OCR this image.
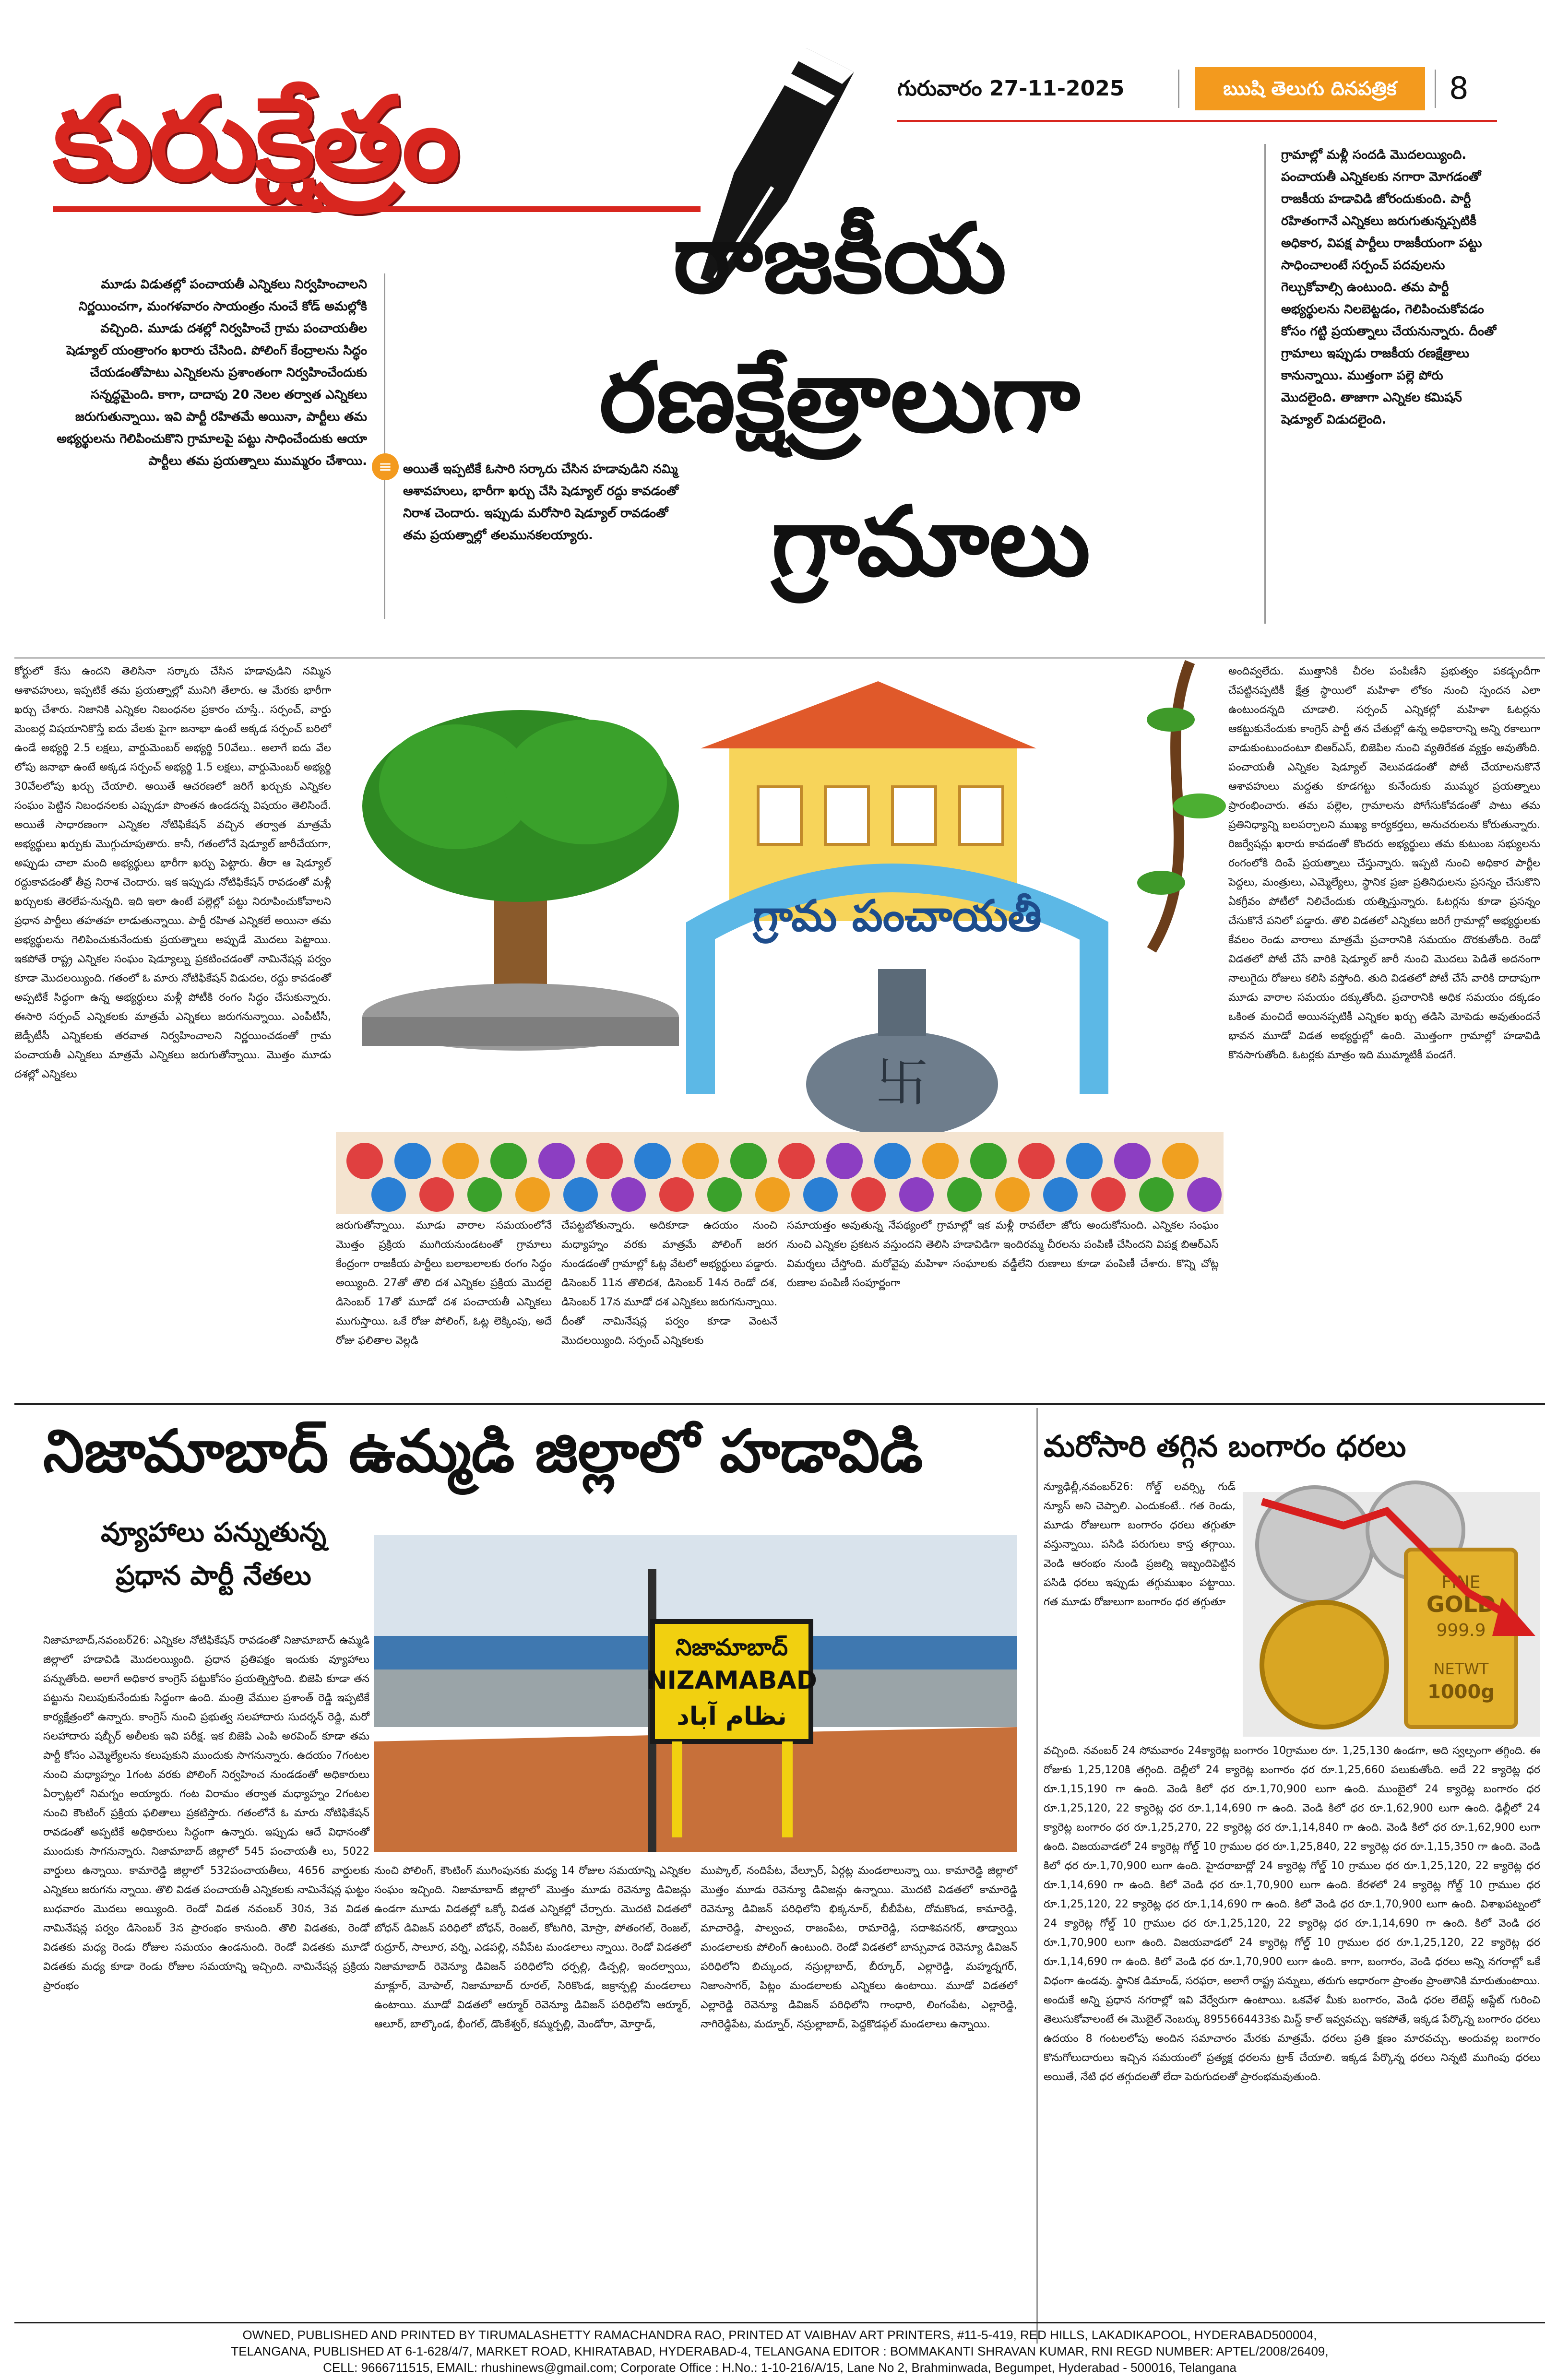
కురుక్షేత్రం	గురువారం 27-11-2025	ఋషి తెలుగు దినపత్రిక	8
రాజకీయ
రణక్షేత్రాలుగా
గ్రామాలు
మూడు విడుతల్లో పంచాయతీ ఎన్నికలు నిర్వహించాలని నిర్ణయించగా, మంగళవారం సాయంత్రం నుంచే కోడ్ అమల్లోకి వచ్చింది. మూడు దశల్లో నిర్వహించే గ్రామ పంచాయతీల షెడ్యూల్ యంత్రాంగం ఖరారు చేసింది. పోలింగ్ కేంద్రాలను సిద్ధం చేయడంతోపాటు ఎన్నికలను ప్రశాంతంగా నిర్వహించేందుకు సన్నద్ధమైంది. కాగా, దాదాపు 20 నెలల తర్వాత ఎన్నికలు జరుగుతున్నాయి. ఇవి పార్టీ రహితమే అయినా, పార్టీలు తమ అభ్యర్థులను గెలిపించుకొని గ్రామాలపై పట్టు సాధించేందుకు ఆయా పార్టీలు తమ ప్రయత్నాలు ముమ్మరం చేశాయి. ≡ అయితే ఇప్పటికే ఓసారి సర్కారు చేసిన హడావుడిని నమ్మి ఆశావహులు, భారీగా ఖర్చు చేసి షెడ్యూల్ రద్దు కావడంతో నిరాశ చెందారు. ఇప్పుడు మరోసారి షెడ్యూల్ రావడంతో తమ ప్రయత్నాల్లో తలమునకలయ్యారు.
గ్రామాల్లో మళ్లీ సందడి మొదలయ్యింది. పంచాయతీ ఎన్నికలకు నగారా మోగడంతో రాజకీయ హడావిడి జోరందుకుంది. పార్టీ రహితంగానే ఎన్నికలు జరుగుతున్నప్పటికీ అధికార, విపక్ష పార్టీలు రాజకీయంగా పట్టు సాధించాలంటే సర్పంచ్ పదవులను గెల్చుకోవాల్సి ఉంటుంది. తమ పార్టీ అభ్యర్థులను నిలబెట్టడం, గెలిపించుకోవడం కోసం గట్టి ప్రయత్నాలు చేయనున్నారు. దీంతో గ్రామాలు ఇప్పుడు రాజకీయ రణక్షేత్రాలు కానున్నాయి. ముత్తంగా పల్లె పోరు మొదలైంది. తాజాగా ఎన్నికల కమిషన్ షెడ్యూల్ విడుదలైంది.
కోర్టులో కేసు ఉందని తెలిసినా సర్కారు చేసిన హడావుడిని నమ్మిన ఆశావహులు, ఇప్పటికే తమ ప్రయత్నాల్లో మునిగి తేలారు. ఆ మేరకు భారీగా ఖర్చు చేశారు. నిజానికి ఎన్నికల నిబంధనల ప్రకారం చూస్తే.. సర్పంచ్, వార్డు మెంబర్ల విషయానికొస్తే ఐదు వేలకు పైగా జనాభా ఉంటే అక్కడ సర్పంచ్ బరిలో ఉండే అభ్యర్థి 2.5 లక్షలు, వార్డుమెంబర్ అభ్యర్థి 50వేలు.. అలాగే ఐదు వేల లోపు జనాభా ఉంటే అక్కడ సర్పంచ్ అభ్యర్థి 1.5 లక్షలు, వార్డుమెంబర్ అభ్యర్థి 30వేలలోపు ఖర్చు చేయాలి. అయితే ఆచరణలో జరిగే ఖర్చుకు ఎన్నికల సంఘం పెట్టిన నిబంధనలకు ఎప్పుడూ పొంతన ఉండదన్న విషయం తెలిసిందే. అయితే సాధారణంగా ఎన్నికల నోటిఫికేషన్ వచ్చిన తర్వాత మాత్రమే అభ్యర్థులు ఖర్చుకు మొగ్గుచూపుతారు. కానీ, గతంలోనే షెడ్యూల్ జారీచేయగా, అప్పుడు చాలా మంది అభ్యర్థులు భారీగా ఖర్చు పెట్టారు. తీరా ఆ షెడ్యూల్ రద్దుకావడంతో తీవ్ర నిరాశ చెందారు. ఇక ఇప్పుడు నోటిఫికేషన్ రావడంతో మళ్లీ ఖర్చులకు తెరలేప-నున్నది. ఇది ఇలా ఉంటే పల్లెల్లో పట్టు నిరూపించుకోవాలని ప్రధాన పార్టీలు తహతహ లాడుతున్నాయి. పార్టీ రహిత ఎన్నికలే అయినా తమ అభ్యర్థులను గెలిపించుకునేందుకు ప్రయత్నాలు అప్పుడే మొదలు పెట్టాయి. ఇకపోతే రాష్ట్ర ఎన్నికల సంఘం షెడ్యూల్ను ప్రకటించడంతో నామినేషన్ల పర్వం కూడా మొదలయ్యింది. గతంలో ఓ మారు నోటిఫికేషన్ విడుదల, రద్దు కావడంతో అప్పటికే సిద్ధంగా ఉన్న అభ్యర్థులు మళ్లీ పోటీకి రంగం సిద్ధం చేసుకున్నారు. ఈసారి సర్పంచ్ ఎన్నికలకు మాత్రమే ఎన్నికలు జరుగనున్నాయి. ఎంపీటీసీ, జెడ్పీటీసీ ఎన్నికలకు తరవాత నిర్వహించాలని నిర్ణయించడంతో గ్రామ పంచాయతీ ఎన్నికలు మాత్రమే ఎన్నికలు జరుగుతోన్నాయి. మొత్తం మూడు దశల్లో ఎన్నికలు
అందివ్వలేదు. ముత్తానికి చీరల పంపిణీని ప్రభుత్వం పకడ్బందీగా చేపట్టినప్పటికీ క్షేత్ర స్థాయిలో మహిళా లోకం నుంచి స్పందన ఎలా ఉంటుందన్నది చూడాలి. సర్పంచ్ ఎన్నికల్లో మహిళా ఓటర్లను ఆకట్టుకునేందుకు కాంగ్రెస్ పార్టీ తన చేతుల్లో ఉన్న అధికారాన్ని అన్ని రకాలుగా వాడుకుంటుందంటూ బిఆర్ఎస్, బిజెపిల నుంచి వ్యతిరేకత వ్యక్తం అవుతోంది. పంచాయతీ ఎన్నికల షెడ్యూల్ వెలువడడంతో పోటీ చేయాలనుకొనే ఆశావహులు మద్దతు కూడగట్టు కునేందుకు ముమ్మర ప్రయత్నాలు ప్రారంభించారు. తమ పల్లెల, గ్రామాలను పోగేసుకోవడంతో పాటు తమ ప్రతినిధ్యాన్ని బలపర్చాలని ముఖ్య కార్యకర్తలు, అనుచరులను కోరుతున్నారు. రిజర్వేషన్లు ఖరారు కావడంతో కొందరు అభ్యర్థులు తమ కుటుంబ సభ్యులను రంగంలోకి దింపే ప్రయత్నాలు చేస్తున్నారు. ఇప్పటి నుంచి అధికార పార్టీల పెద్దలు, మంత్రులు, ఎమ్మెల్యేలు, స్థానిక ప్రజా ప్రతినిధులను ప్రసన్నం చేసుకొని ఏకగ్రీవం పోటీలో నిలిచేందుకు యత్నిస్తున్నారు. ఓటర్లను కూడా ప్రసన్నం చేసుకొనే పనిలో పడ్డారు. తొలి విడతలో ఎన్నికలు జరిగే గ్రామాల్లో అభ్యర్థులకు కేవలం రెండు వారాలు మాత్రమే ప్రచారానికి సమయం దొరకుతోంది. రెండో విడతలో పోటీ చేసే వారికి షెడ్యూల్ జారీ నుంచి మొదలు పెడితే అదనంగా నాలుగైదు రోజులు కలిసి వస్తోంది. తుది విడతలో పోటీ చేసే వారికి దాదాపుగా మూడు వారాల సమయం దక్కుతోంది. ప్రచారానికి అధిక సమయం దక్కడం ఒకింత మంచిదే అయినప్పటికీ ఎన్నికల ఖర్చు తడిసి మోపెడు అవుతుందనే భావన మూడో విడత అభ్యర్థుల్లో ఉంది. మొత్తంగా గ్రామాల్లో హడావిడి కొనసాగుతోంది. ఓటర్లకు మాత్రం ఇది ముమ్మాటికీ పండగే.
గ్రామ పంచాయతీ
卐
జరుగుతోన్నాయి. మూడు వారాల సమయంలోనే మొత్తం ప్రక్రియ ముగియనుండటంతో గ్రామాలు కేంద్రంగా రాజకీయ పార్టీలు బలాబలాలకు రంగం సిద్ధం అయ్యింది. 27తో తొలి దశ ఎన్నికల ప్రక్రియ మొదలై డిసెంబర్ 17తో మూడో దశ పంచాయతీ ఎన్నికలు ముగుస్తాయి. ఒకే రోజు పోలింగ్, ఓట్ల లెక్కింపు, అదే రోజు ఫలితాల వెల్లడి
చేపట్టబోతున్నారు. అదికూడా ఉదయం నుంచి మధ్యాహ్నం వరకు మాత్రమే పోలింగ్ జరగ నుండడంతో గ్రామాల్లో ఓట్ల వేటలో అభ్యర్థులు పడ్డారు. డిసెంబర్ 11న తొలిదశ, డిసెంబర్ 14న రెండో దశ, డిసెంబర్ 17న మూడో దశ ఎన్నికలు జరుగనున్నాయి. దీంతో నామినేషన్ల పర్వం కూడా వెంటనే మొదలయ్యింది. సర్పంచ్ ఎన్నికలకు
సమాయత్తం అవుతున్న నేపథ్యంలో గ్రామాల్లో ఇక మళ్లీ రావటేలా జోరు అందుకోనుంది. ఎన్నికల సంఘం నుంచి ఎన్నికల ప్రకటన వస్తుందని తెలిసి హడావిడిగా ఇందిరమ్మ చీరలను పంపిణీ చేసిందని విపక్ష బిఆర్ఎస్ విమర్శలు చేస్తోంది. మరోవైపు మహిళా సంఘాలకు వడ్డీలేని రుణాలు కూడా పంపిణీ చేశారు. కొన్ని చోట్ల రుణాల పంపిణీ సంపూర్ణంగా
నిజామాబాద్ ఉమ్మడి జిల్లాలో హడావిడి
వ్యూహాలు పన్నుతున్న
ప్రధాన పార్టీ నేతలు
నిజామాబాద్,నవంబర్26: ఎన్నికల నోటిఫికేషన్ రావడంతో నిజామాబాద్ ఉమ్మడి జిల్లాలో హడావిడి మొదలయ్యింది. ప్రధాన ప్రతిపక్షం ఇందుకు వ్యూహాలు పన్నుతోంది. అలాగే అధికార కాంగ్రెస్ పట్టుకోసం ప్రయత్నిస్తోంది. బిజెపి కూడా తన పట్టును నిలుపుకునేందుకు సిద్ధంగా ఉంది. మంత్రి వేముల ప్రశాంత్ రెడ్డి ఇప్పటికే కార్యక్షేత్రంలో ఉన్నారు. కాంగ్రెస్ నుంచి ప్రభుత్వ సలహాదారు సుదర్శన్ రెడ్డి, మరో సలహాదారు షబ్బీర్ అలీలకు ఇవి పరీక్ష. ఇక బిజెపి ఎంపి అరవింద్ కూడా తమ పార్టీ కోసం ఎమ్మెల్యేలను కలుపుకుని ముందుకు సాగనున్నారు. ఉదయం 7గంటల నుంచి మధ్యాహ్నం 1గంట వరకు పోలింగ్ నిర్వహించ నుండడంతో అధికారులు ఏర్పాట్లలో నిమగ్నం అయ్యారు. గంట విరామం తర్వాత మధ్యాహ్నం 2గంటల నుంచి కౌంటింగ్ ప్రక్రియ ఫలితాలు ప్రకటిస్తారు. గతంలోనే ఓ మారు నోటిఫికేషన్ రావడంతో అప్పటికే అధికారులు సిద్ధంగా ఉన్నారు. ఇప్పుడు ఆదే విధానంతో ముందుకు సాగనున్నారు. నిజామాబాద్ జిల్లాలో 545 పంచాయతీ లు, 5022 వార్డులు ఉన్నాయి. కామారెడ్డి జిల్లాలో 532పంచాయతీలు, 4656 వార్డులకు ఎన్నికలు జరుగను న్నాయి. తొలి విడత పంచాయతీ ఎన్నికలకు నామినేషన్ల ఘట్టం బుధవారం మొదలు అయ్యింది. రెండో విడత నవంబర్ 30న, 3వ విడత నామినేషన్ల పర్వం డిసెంబర్ 3న ప్రారంభం కానుంది. తొలి విడతకు, రెండో విడతకు మధ్య రెండు రోజుల సమయం ఉండనుంది. రెండో విడతకు మూడో విడతకు మధ్య కూడా రెండు రోజుల సమయాన్ని ఇచ్చింది. నామినేషన్ల ప్రక్రియ ప్రారంభం
నిజామాబాద్
NIZAMABAD
نظام آباد
నుంచి పోలింగ్, కౌంటింగ్ ముగింపునకు మధ్య 14 రోజుల సమయాన్ని ఎన్నికల సంఘం ఇచ్చింది. నిజామాబాద్ జిల్లాలో మొత్తం మూడు రెవెన్యూ డివిజన్లు ఉండగా మూడు విడతల్లో ఒక్కో విడత ఎన్నికల్లో చేర్చారు. మొదటి విడతలో బోధన్ డివిజన్ పరిధిలో బోధన్, రెంజల్, కోటగిరి, మోస్రా, పోతంగల్, రెంజల్, రుద్రూర్, సాలూర, వర్ని, ఎడపల్లి, నవీపేట మండలాలు న్నాయి. రెండో విడతలో నిజామాబాద్ రెవెన్యూ డివిజన్ పరిధిలోని ధర్పల్లి, డిచ్పల్లి, ఇందల్వాయి, మాక్లూర్, మోపాల్, నిజామాబాద్ రూరల్, సిరికొండ, జక్రాన్పల్లి మండలాలు ఉంటాయి. మూడో విడతలో ఆర్మూర్ రెవెన్యూ డివిజన్ పరిధిలోని ఆర్మూర్, ఆలూర్, బాల్కొండ, భీంగల్, డొంకేశ్వర్, కమ్మర్పల్లి, మెండోరా, మోర్తాడ్,
ముప్కాల్, నందిపేట, వేల్పూర్, ఏర్గట్ల మండలాలున్నా యి. కామారెడ్డి జిల్లాలో మొత్తం మూడు రెవెన్యూ డివిజన్లు ఉన్నాయి. మొదటి విడతలో కామారెడ్డి రెవెన్యూ డివిజన్ పరిధిలోని భిక్కనూర్, బీబీపేట, దోమకొండ, కామారెడ్డి, మాచారెడ్డి, పాల్వంచ, రాజంపేట, రామారెడ్డి, సదాశివనగర్, తాడ్వాయి మండలాలకు పోలింగ్ ఉంటుంది. రెండో విడతలో బాన్సువాడ రెవెన్యూ డివిజన్ పరిధిలోని బిచ్కుంద, నస్రుల్లాబాద్, బీర్కూర్, ఎల్లారెడ్డి, మహ్మద్నగర్, నిజాంసాగర్, పిట్లం మండలాలకు ఎన్నికలు ఉంటాయి. మూడో విడతలో ఎల్లారెడ్డి రెవెన్యూ డివిజన్ పరిధిలోని గాంధారి, లింగంపేట, ఎల్లారెడ్డి, నాగిరెడ్డిపేట, మద్నూర్, నస్రుల్లాబాద్, పెద్దకొడప్గల్ మండలాలు ఉన్నాయి.
మరోసారి తగ్గిన బంగారం ధరలు
న్యూఢిల్లీ,నవంబర్26: గోల్డ్ లవర్స్కి గుడ్ న్యూస్ అని చెప్పాలి. ఎందుకంటే.. గత రెండు, మూడు రోజులుగా బంగారం ధరలు తగ్గుతూ వస్తున్నాయి. పసిడి పరుగులు కాస్త తగ్గాయి. వెండి ఆరంభం నుండి ప్రజల్ని ఇబ్బందిపెట్టిన పసిడి ధరలు ఇప్పుడు తగ్గుముఖం పట్టాయి. గత మూడు రోజులుగా బంగారం ధర తగ్గుతూ
FINE
GOLD
999.9
NETWT
1000g
వచ్చింది. నవంబర్ 24 సోమవారం 24క్యారెట్ల బంగారం 10గ్రాముల రూ. 1,25,130 ఉండగా, అది స్వల్పంగా తగ్గింది. ఈ రోజుకు 1,25,120కి తగ్గింది. దెల్లీలో 24 క్యారెట్ల బంగారం ధర రూ.1,25,660 పలుకుతోంది. అదే 22 క్యారెట్ల ధర రూ.1,15,190 గా ఉంది. వెండి కిలో ధర రూ.1,70,900 లుగా ఉంది. ముంబైలో 24 క్యారెట్ల బంగారం ధర రూ.1,25,120, 22 క్యారెట్ల ధర రూ.1,14,690 గా ఉంది. వెండి కిలో ధర రూ.1,62,900 లుగా ఉంది. ఢిల్లీలో 24 క్యారెట్ల బంగారం ధర రూ.1,25,270, 22 క్యారెట్ల ధర రూ.1,14,840 గా ఉంది. వెండి కిలో ధర రూ.1,62,900 లుగా ఉంది. విజయవాడలో 24 క్యారెట్ల గోల్డ్ 10 గ్రాముల ధర రూ.1,25,840, 22 క్యారెట్ల ధర రూ.1,15,350 గా ఉంది. వెండి కిలో ధర రూ.1,70,900 లుగా ఉంది. హైదరాబాద్లో 24 క్యారెట్ల గోల్డ్ 10 గ్రాముల ధర రూ.1,25,120, 22 క్యారెట్ల ధర రూ.1,14,690 గా ఉంది. కిలో వెండి ధర రూ.1,70,900 లుగా ఉంది. కేరళలో 24 క్యారెట్ల గోల్డ్ 10 గ్రాముల ధర రూ.1,25,120, 22 క్యారెట్ల ధర రూ.1,14,690 గా ఉంది. కిలో వెండి ధర రూ.1,70,900 లుగా ఉంది. విశాఖపట్నంలో 24 క్యారెట్ల గోల్డ్ 10 గ్రాముల ధర రూ.1,25,120, 22 క్యారెట్ల ధర రూ.1,14,690 గా ఉంది. కిలో వెండి ధర రూ.1,70,900 లుగా ఉంది. విజయవాడలో 24 క్యారెట్ల గోల్డ్ 10 గ్రాముల ధర రూ.1,25,120, 22 క్యారెట్ల ధర రూ.1,14,690 గా ఉంది. కిలో వెండి ధర రూ.1,70,900 లుగా ఉంది. కాగా, బంగారం, వెండి ధరలు అన్ని నగరాల్లో ఒకే విధంగా ఉండవు. స్థానిక డిమాండ్, సరఫరా, అలాగే రాష్ట్ర పన్నులు, తరుగు ఆధారంగా ప్రాంతం ప్రాంతానికి మారుతుంటాయి. అందుకే అన్ని ప్రధాన నగరాల్లో ఇవి వేర్వేరుగా ఉంటాయి. ఒకవేళ మీకు బంగారం, వెండి ధరల లేటెస్ట్ అప్డేట్ గురించి తెలుసుకోవాలంటే ఈ మొబైల్ నెంబర్కు 8955664433కు మిస్డ్ కాల్ ఇవ్వవచ్చు. ఇకపోతే, ఇక్కడ పేర్కొన్న బంగారం ధరలు ఉదయం 8 గంటలలోపు అందిన సమాచారం మేరకు మాత్రమే. ధరలు ప్రతి క్షణం మారవచ్చు. అందువల్ల బంగారం కొనుగోలుదారులు ఇచ్చిన సమయంలో ప్రత్యక్ష ధరలను ట్రాక్ చేయాలి. ఇక్కడ పేర్కొన్న ధరలు నిన్నటి ముగింపు ధరలు అయితే, నేటి ధర తగ్గుదలతో లేదా పెరుగుదలతో ప్రారంభమవుతుంది.
OWNED, PUBLISHED AND PRINTED BY TIRUMALASHETTY RAMACHANDRA RAO, PRINTED AT VAIBHAV ART PRINTERS, #11-5-419, RED HILLS, LAKADIKAPOOL, HYDERABAD500004,
TELANGANA, PUBLISHED AT 6-1-628/4/7, MARKET ROAD, KHIRATABAD, HYDERABAD-4, TELANGANA EDITOR : BOMMAKANTI SHRAVAN KUMAR, RNI REGD NUMBER: APTEL/2008/26409,
CELL: 9666711515, EMAIL: rhushinews@gmail.com; Corporate Office : H.No.: 1-10-216/A/15, Lane No 2, Brahminwada, Begumpet, Hyderabad - 500016, Telangana
